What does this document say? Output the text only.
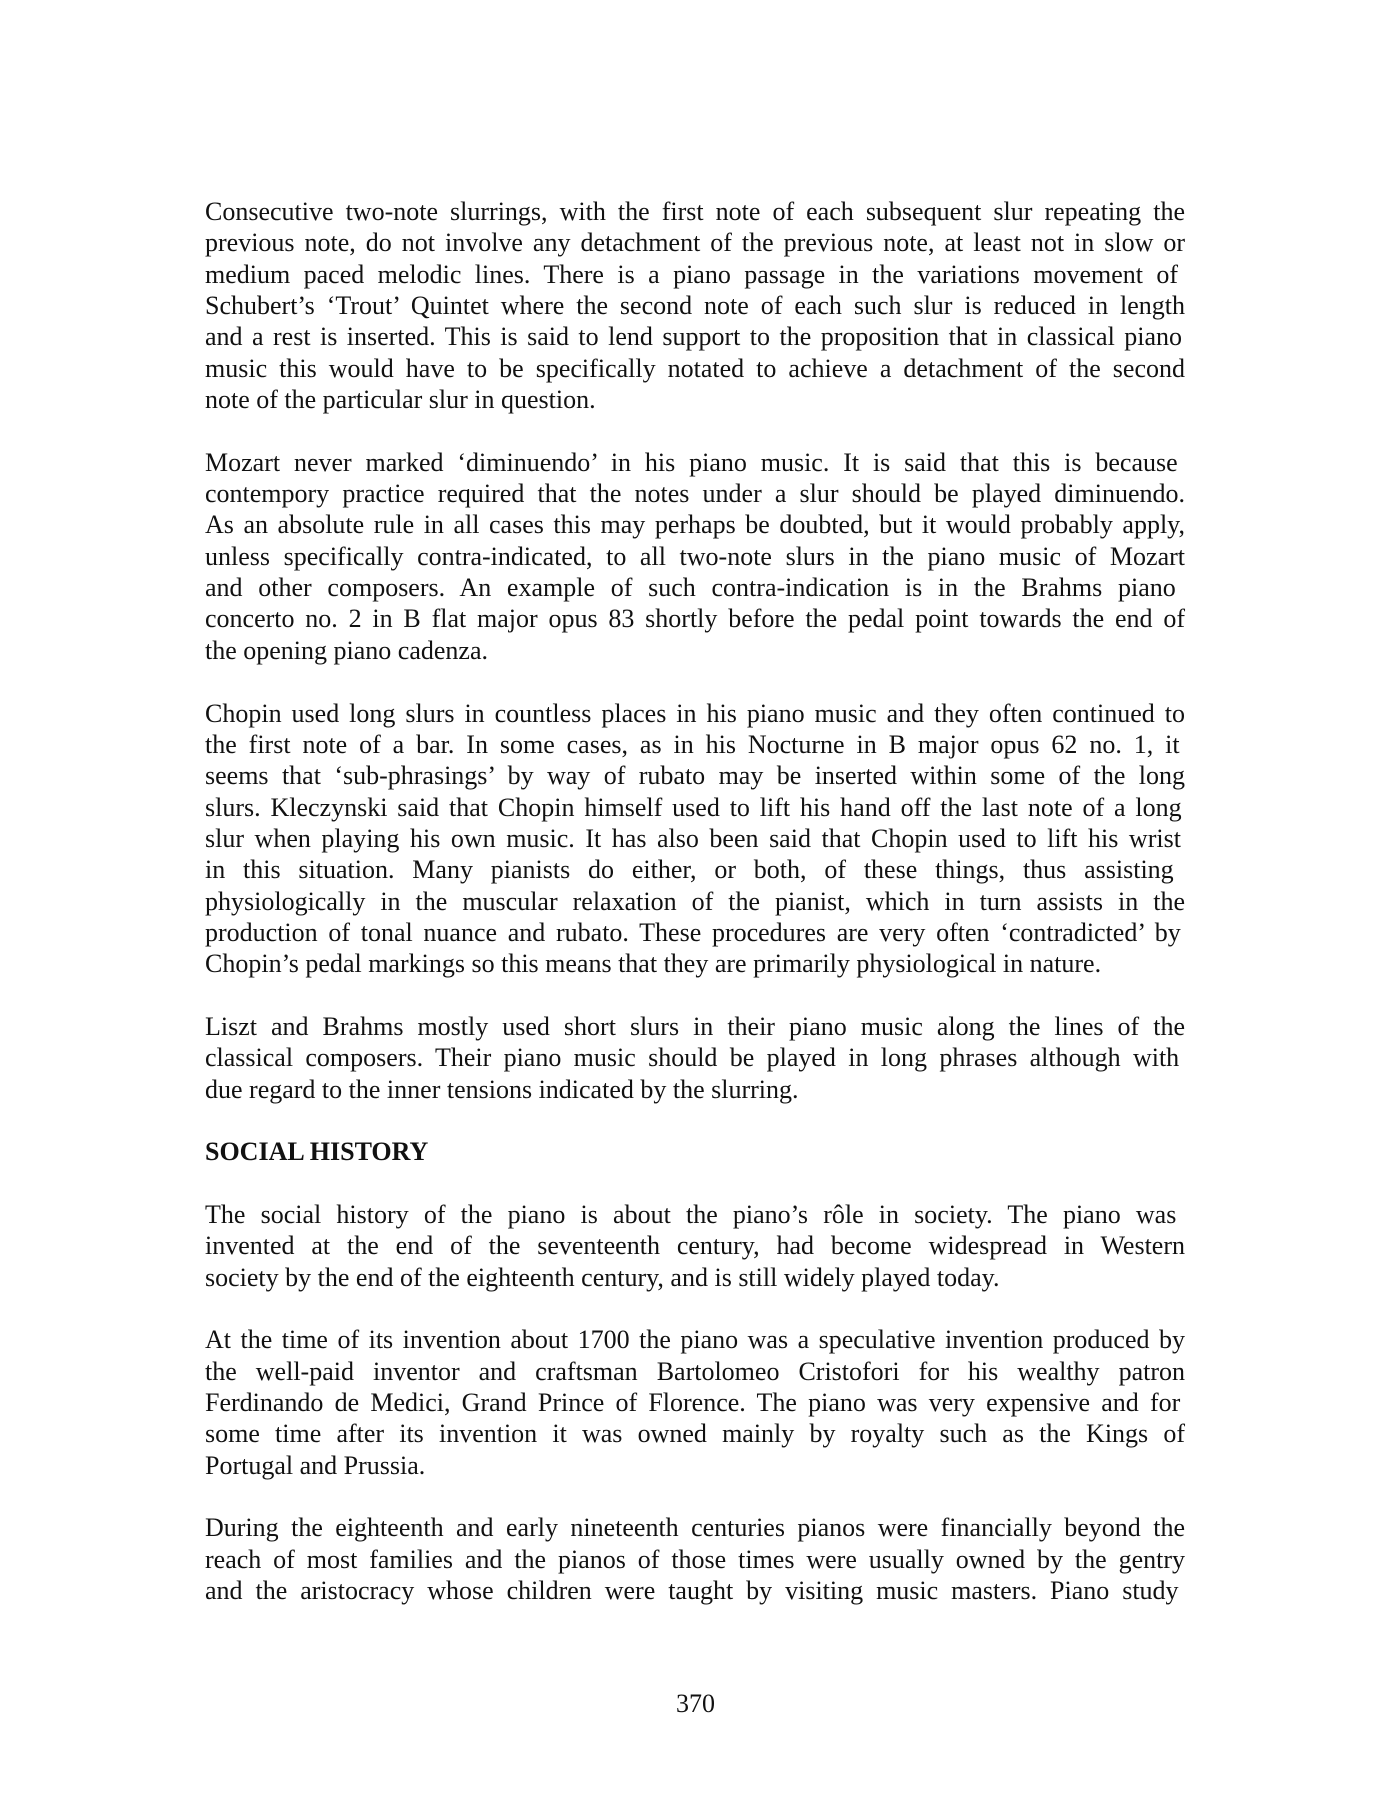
Consecutive two-note slurrings, with the first note of each subsequent slur repeating the
previous note, do not involve any detachment of the previous note, at least not in slow or
medium paced melodic lines. There is a piano passage in the variations movement of
Schubert’s ‘Trout’ Quintet where the second note of each such slur is reduced in length
and a rest is inserted. This is said to lend support to the proposition that in classical piano
music this would have to be specifically notated to achieve a detachment of the second
note of the particular slur in question.
Mozart never marked ‘diminuendo’ in his piano music. It is said that this is because
contempory practice required that the notes under a slur should be played diminuendo.
As an absolute rule in all cases this may perhaps be doubted, but it would probably apply,
unless specifically contra-indicated, to all two-note slurs in the piano music of Mozart
and other composers. An example of such contra-indication is in the Brahms piano
concerto no. 2 in B flat major opus 83 shortly before the pedal point towards the end of
the opening piano cadenza.
Chopin used long slurs in countless places in his piano music and they often continued to
the first note of a bar. In some cases, as in his Nocturne in B major opus 62 no. 1, it
seems that ‘sub-phrasings’ by way of rubato may be inserted within some of the long
slurs. Kleczynski said that Chopin himself used to lift his hand off the last note of a long
slur when playing his own music. It has also been said that Chopin used to lift his wrist
in this situation. Many pianists do either, or both, of these things, thus assisting
physiologically in the muscular relaxation of the pianist, which in turn assists in the
production of tonal nuance and rubato. These procedures are very often ‘contradicted’ by
Chopin’s pedal markings so this means that they are primarily physiological in nature.
Liszt and Brahms mostly used short slurs in their piano music along the lines of the
classical composers. Their piano music should be played in long phrases although with
due regard to the inner tensions indicated by the slurring.
SOCIAL HISTORY
The social history of the piano is about the piano’s rôle in society. The piano was
invented at the end of the seventeenth century, had become widespread in Western
society by the end of the eighteenth century, and is still widely played today.
At the time of its invention about 1700 the piano was a speculative invention produced by
the well-paid inventor and craftsman Bartolomeo Cristofori for his wealthy patron
Ferdinando de Medici, Grand Prince of Florence. The piano was very expensive and for
some time after its invention it was owned mainly by royalty such as the Kings of
Portugal and Prussia.
During the eighteenth and early nineteenth centuries pianos were financially beyond the
reach of most families and the pianos of those times were usually owned by the gentry
and the aristocracy whose children were taught by visiting music masters. Piano study
370
